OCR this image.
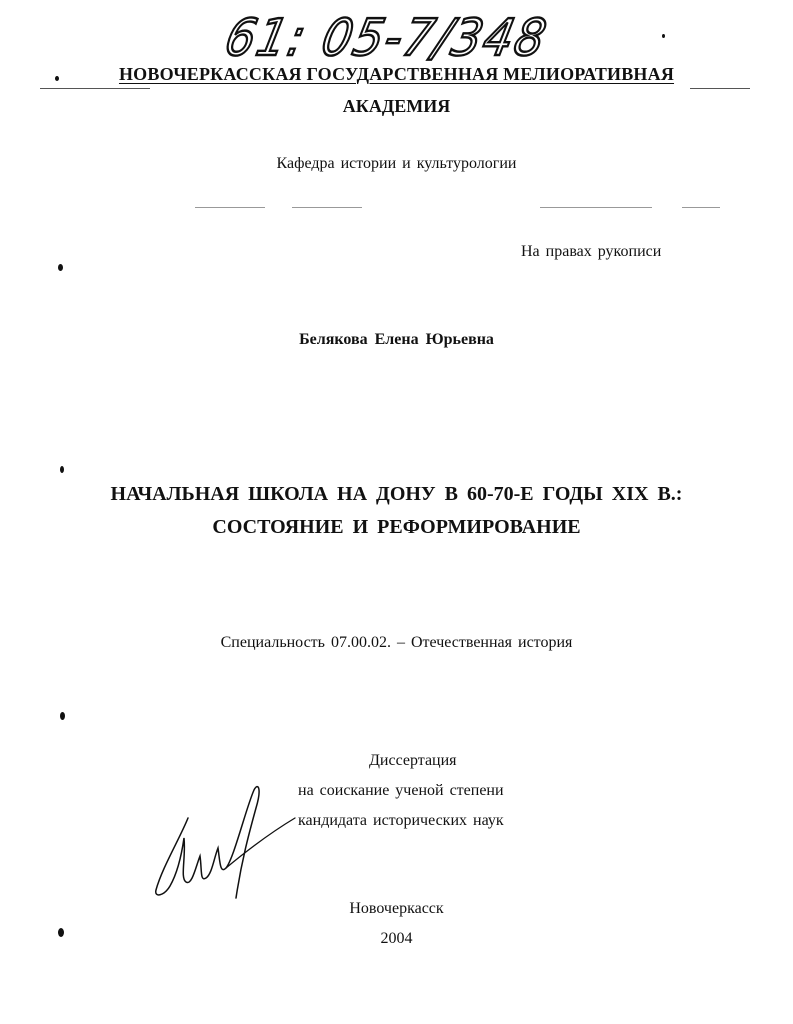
61: 05-7/348
НОВОЧЕРКАССКАЯ ГОСУДАРСТВЕННАЯ МЕЛИОРАТИВНАЯ
АКАДЕМИЯ
Кафедра истории и культурологии
На правах рукописи
Белякова Елена Юрьевна
НАЧАЛЬНАЯ ШКОЛА НА ДОНУ В 60-70-Е ГОДЫ XIX В.:
СОСТОЯНИЕ И РЕФОРМИРОВАНИЕ
Специальность 07.00.02. – Отечественная история
Диссертация
на соискание ученой степени
кандидата исторических наук
Новочеркасск
2004
